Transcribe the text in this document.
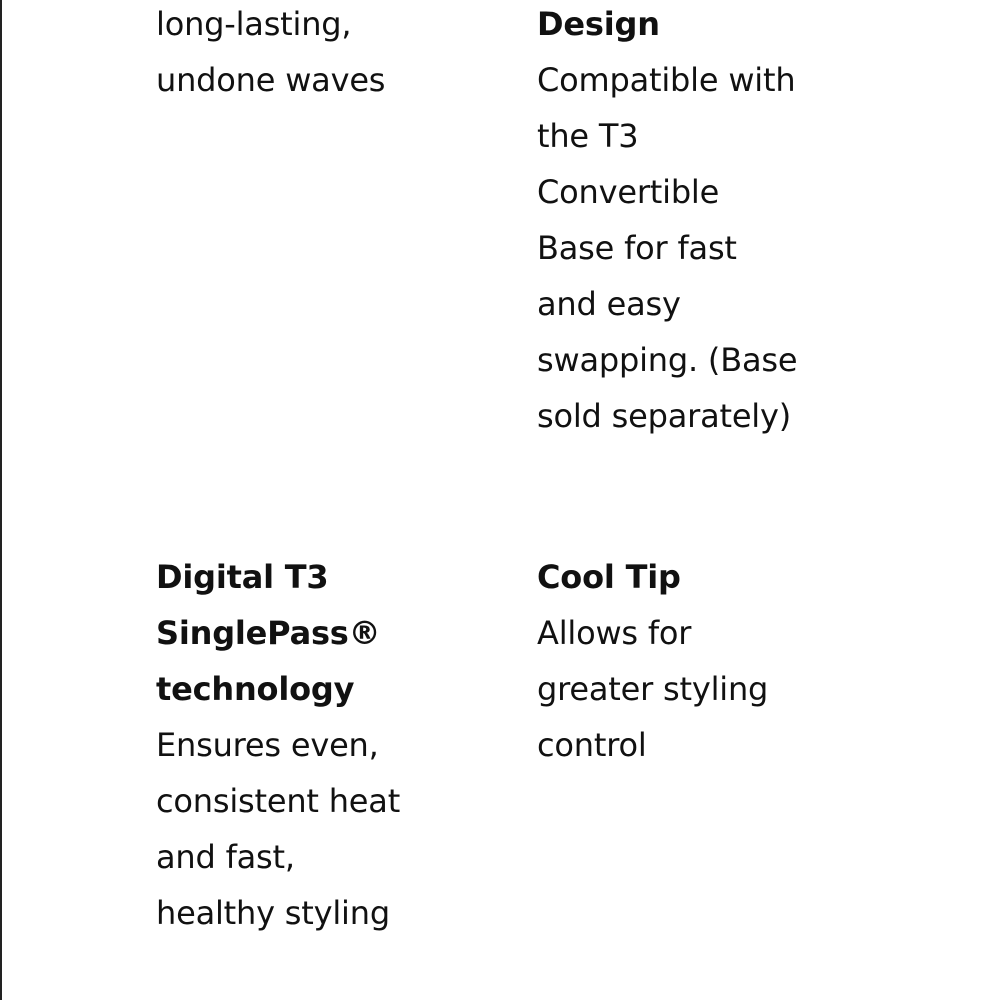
long-lasting,
undone waves
Design
Compatible with
the T3
Convertible
Base for fast
and easy
swapping. (Base
sold separately)
Digital T3
SinglePass®
technology
Ensures even,
consistent heat
and fast,
healthy styling
Cool Tip
Allows for
greater styling
control
